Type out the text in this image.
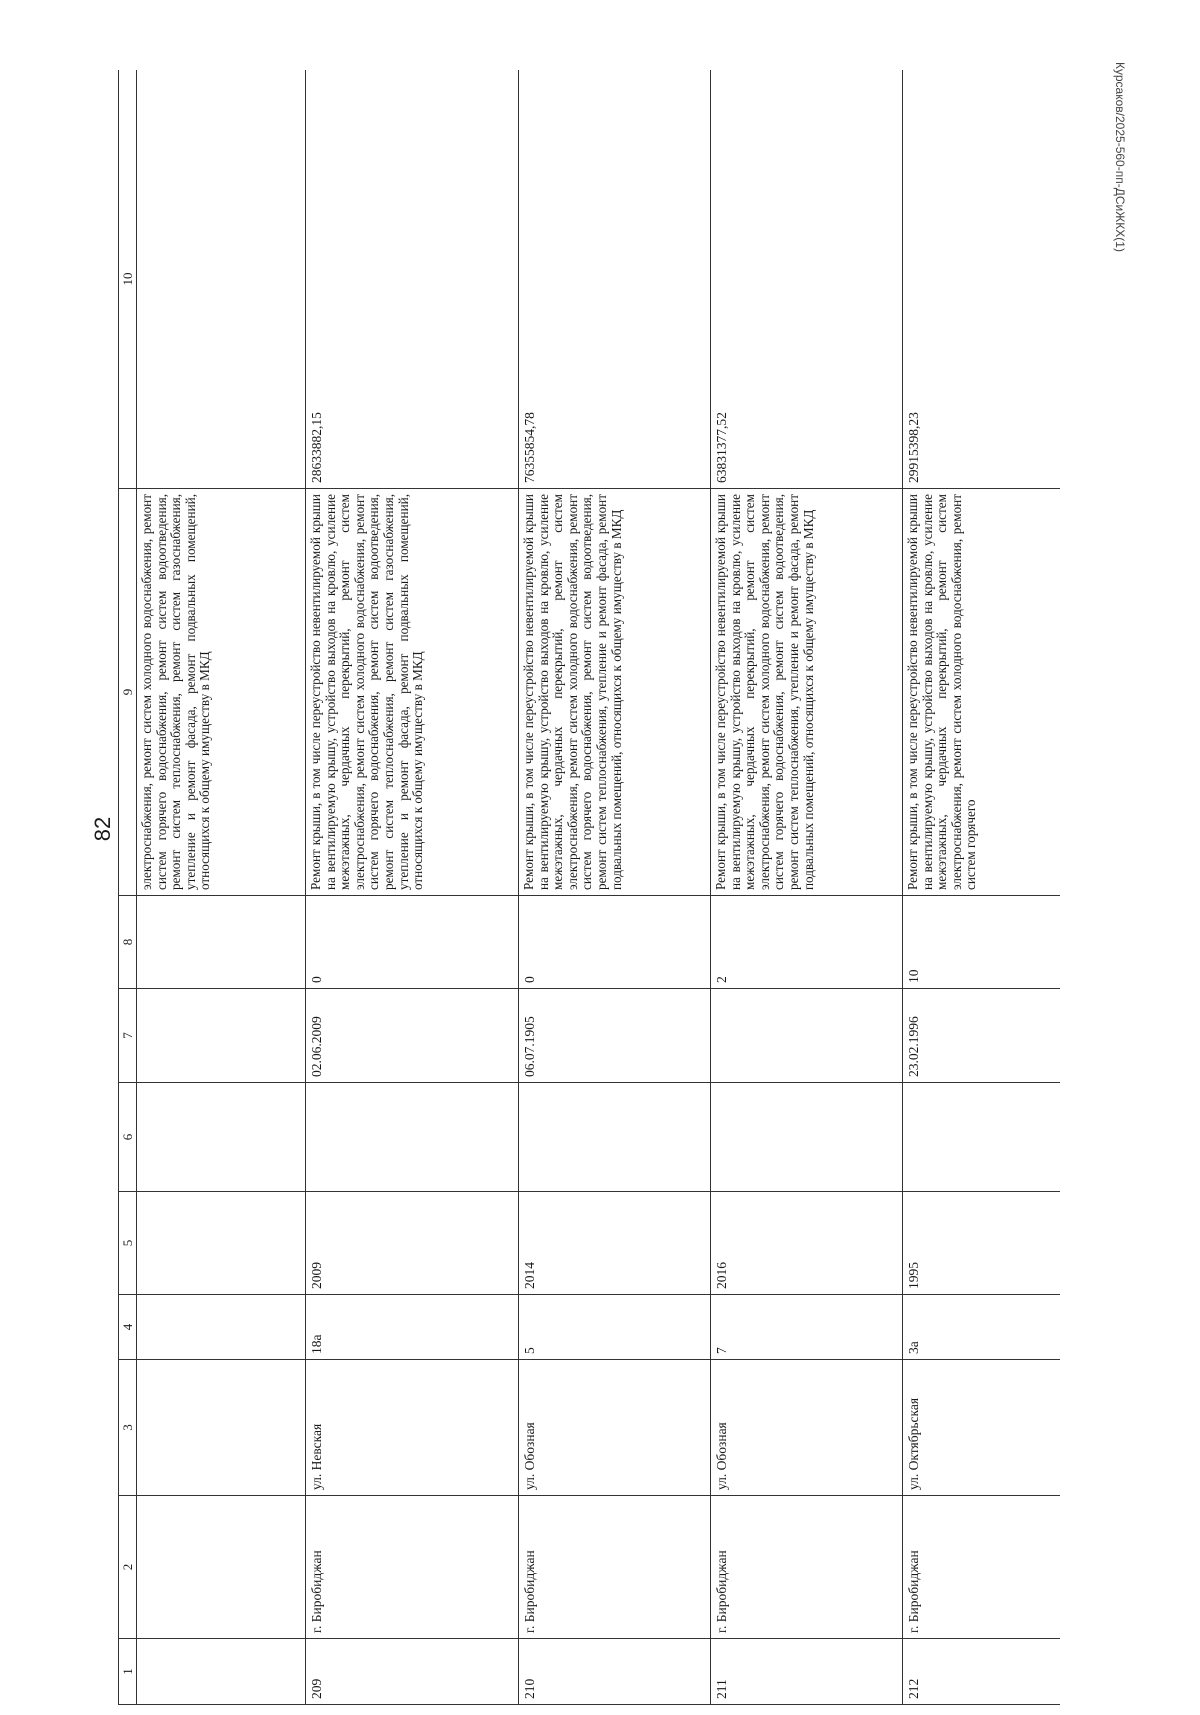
82
Курсаков/2025-560-пп-ДСиЖКХ(1)
1	2	3	4	5	6	7	8	9	10
								электроснабжения, ремонт систем холодного водоснабжения, ремонт систем горячего водоснабжения, ремонт систем водоотведения, ремонт систем теплоснабжения, ремонт систем газоснабжения, утепление и ремонт фасада, ремонт подвальных помещений, относящихся к общему имуществу в МКД	
209	г. Биробиджан	ул. Невская	18а	2009		02.06.2009	0	Ремонт крыши, в том числе переустройство невентилируемой крыши на вентилируемую крышу, устройство выходов на кровлю, усиление межэтажных, чердачных перекрытий, ремонт систем электроснабжения, ремонт систем холодного водоснабжения, ремонт систем горячего водоснабжения, ремонт систем водоотведения, ремонт систем теплоснабжения, ремонт систем газоснабжения, утепление и ремонт фасада, ремонт подвальных помещений, относящихся к общему имуществу в МКД	28633882,15
210	г. Биробиджан	ул. Обозная	5	2014		06.07.1905	0	Ремонт крыши, в том числе переустройство невентилируемой крыши на вентилируемую крышу, устройство выходов на кровлю, усиление межэтажных, чердачных перекрытий, ремонт систем электроснабжения, ремонт систем холодного водоснабжения, ремонт систем горячего водоснабжения, ремонт систем водоотведения, ремонт систем теплоснабжения, утепление и ремонт фасада, ремонт подвальных помещений, относящихся к общему имуществу в МКД	76355854,78
211	г. Биробиджан	ул. Обозная	7	2016			2	Ремонт крыши, в том числе переустройство невентилируемой крыши на вентилируемую крышу, устройство выходов на кровлю, усиление межэтажных, чердачных перекрытий, ремонт систем электроснабжения, ремонт систем холодного водоснабжения, ремонт систем горячего водоснабжения, ремонт систем водоотведения, ремонт систем теплоснабжения, утепление и ремонт фасада, ремонт подвальных помещений, относящихся к общему имуществу в МКД	63831377,52
212	г. Биробиджан	ул. Октябрьская	3а	1995		23.02.1996	10	Ремонт крыши, в том числе переустройство невентилируемой крыши на вентилируемую крышу, устройство выходов на кровлю, усиление межэтажных, чердачных перекрытий, ремонт систем электроснабжения, ремонт систем холодного водоснабжения, ремонт систем горячего	29915398,23
